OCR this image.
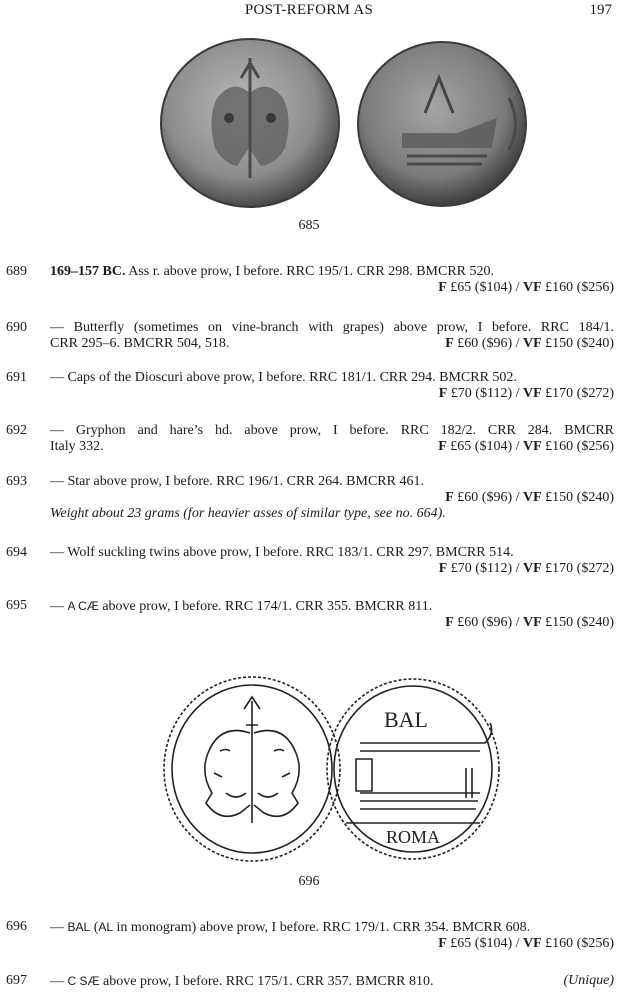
POST-REFORM AS	197
685
689	169–157 BC. Ass r. above prow, I before. RRC 195/1. CRR 298. BMCRR 520.
F £65 ($104) / VF £160 ($256)
690	— Butterfly (sometimes on vine-branch with grapes) above prow, I before. RRC 184/1.
CRR 295–6. BMCRR 504, 518.	F £60 ($96) / VF £150 ($240)
691	— Caps of the Dioscuri above prow, I before. RRC 181/1. CRR 294. BMCRR 502.
F £70 ($112) / VF £170 ($272)
692	— Gryphon and hare’s hd. above prow, I before. RRC 182/2. CRR 284. BMCRR
Italy 332.	F £65 ($104) / VF £160 ($256)
693	— Star above prow, I before. RRC 196/1. CRR 264. BMCRR 461.
F £60 ($96) / VF £150 ($240)
Weight about 23 grams (for heavier asses of similar type, see no. 664).
694	— Wolf suckling twins above prow, I before. RRC 183/1. CRR 297. BMCRR 514.
F £70 ($112) / VF £170 ($272)
695	— A CÆ above prow, I before. RRC 174/1. CRR 355. BMCRR 811.
F £60 ($96) / VF £150 ($240)
BAL
ROMA
696
696	— BAL (AL in monogram) above prow, I before. RRC 179/1. CRR 354. BMCRR 608.
F £65 ($104) / VF £160 ($256)
697	— C SÆ above prow, I before. RRC 175/1. CRR 357. BMCRR 810.	(Unique)
